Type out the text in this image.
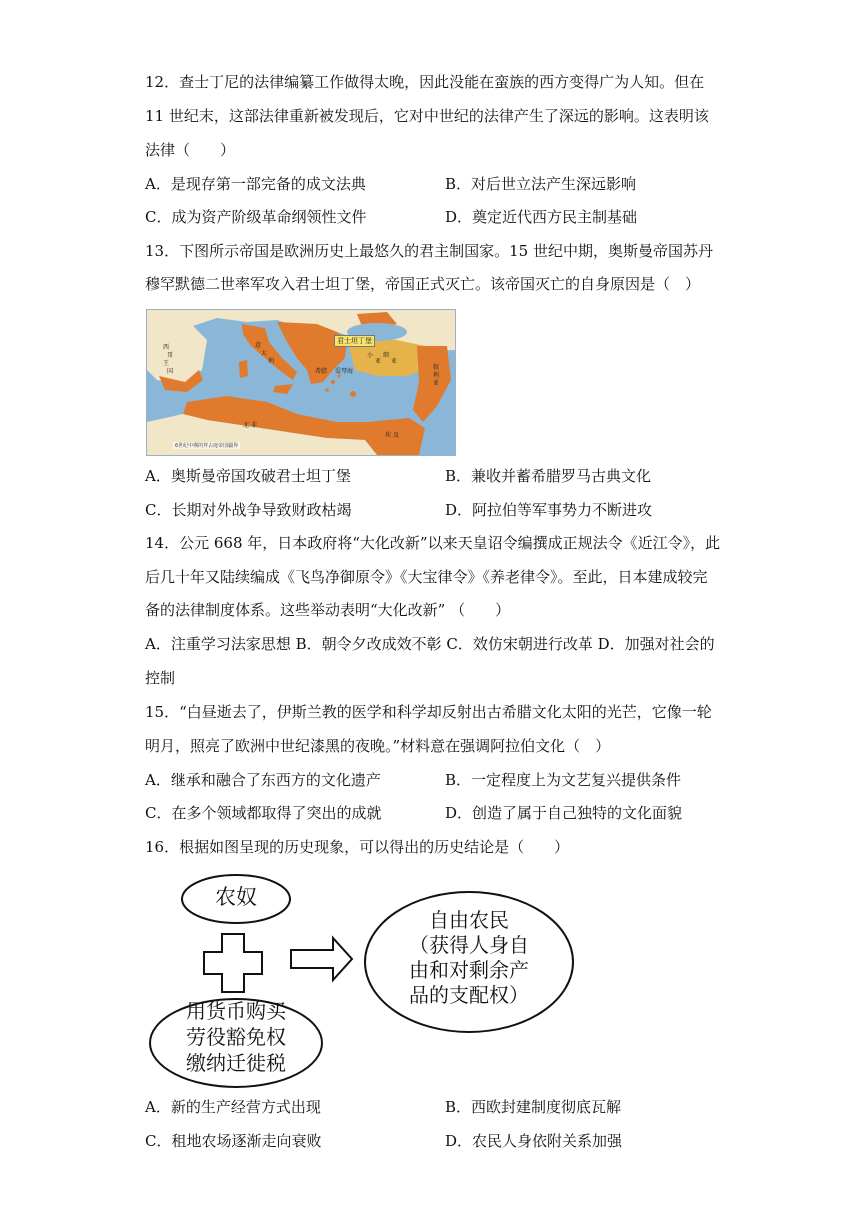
12．查士丁尼的法律编纂工作做得太晚，因此没能在蛮族的西方变得广为人知。但在
11 世纪末，这部法律重新被发现后，它对中世纪的法律产生了深远的影响。这表明该
法律（　　）
A．是现存第一部完备的成文法典	B．对后世立法产生深远影响
C．成为资产阶级革命纲领性文件	D．奠定近代西方民主制基础
13．下图所示帝国是欧洲历史上最悠久的君主制国家。15 世纪中期，奥斯曼帝国苏丹
穆罕默德二世率军攻入君士坦丁堡，帝国正式灭亡。该帝国灭亡的自身原因是（　）
君士坦丁堡
西
哥
王
国
意
大
利
小
亚
细
亚
叙
利
亚
埃 及
北 非
希腊 爱琴海
6世纪中期的拜占庭帝国疆界
A．奥斯曼帝国攻破君士坦丁堡	B．兼收并蓄希腊罗马古典文化
C．长期对外战争导致财政枯竭	D．阿拉伯等军事势力不断进攻
14．公元 668 年，日本政府将“大化改新”以来天皇诏令编撰成正规法令《近江令》，此
后几十年又陆续编成《飞鸟净御原令》《大宝律令》《养老律令》。至此，日本建成较完
备的法律制度体系。这些举动表明“大化改新” （　　）
A．注重学习法家思想 B．朝令夕改成效不彰 C．效仿宋朝进行改革 D．加强对社会的
控制
15．“白昼逝去了，伊斯兰教的医学和科学却反射出古希腊文化太阳的光芒，它像一轮
明月，照亮了欧洲中世纪漆黑的夜晚。”材料意在强调阿拉伯文化（　）
A．继承和融合了东西方的文化遗产	B．一定程度上为文艺复兴提供条件
C．在多个领域都取得了突出的成就	D．创造了属于自己独特的文化面貌
16．根据如图呈现的历史现象，可以得出的历史结论是（　　）
农奴
用货币购买
劳役豁免权
缴纳迁徙税
自由农民
（获得人身自
由和对剩余产
品的支配权）
A．新的生产经营方式出现	B．西欧封建制度彻底瓦解
C．租地农场逐渐走向衰败	D．农民人身依附关系加强
